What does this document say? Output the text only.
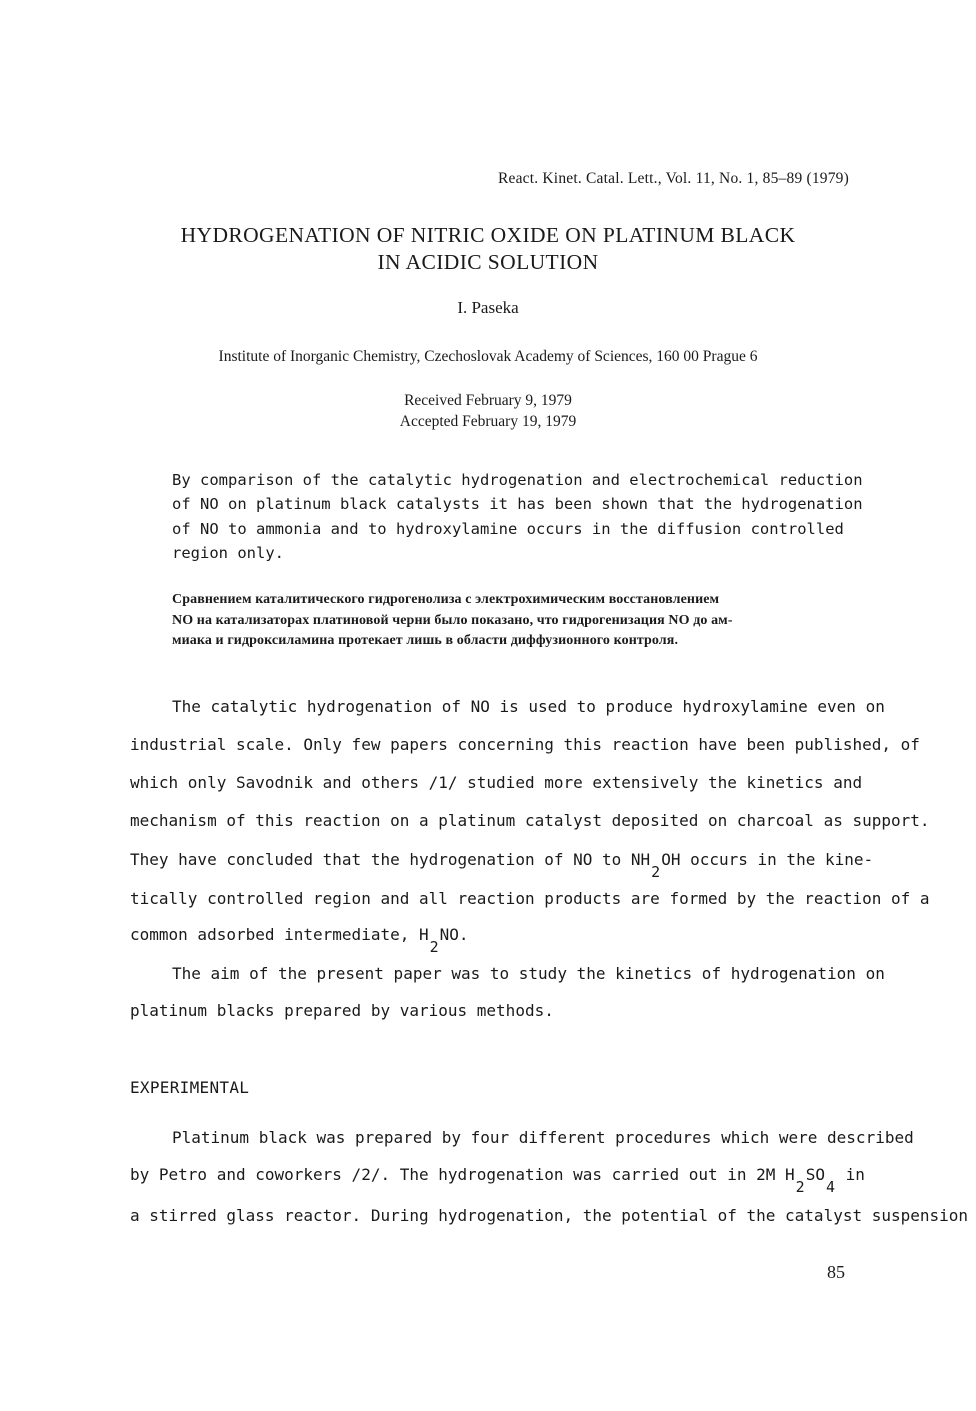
React. Kinet. Catal. Lett., Vol. 11, No. 1, 85–89 (1979)
HYDROGENATION OF NITRIC OXIDE ON PLATINUM BLACK
IN ACIDIC SOLUTION
I. Paseka
Institute of Inorganic Chemistry, Czechoslovak Academy of Sciences, 160 00 Prague 6
Received February 9, 1979
Accepted February 19, 1979
By comparison of the catalytic hydrogenation and electrochemical reduction
of NO on platinum black catalysts it has been shown that the hydrogenation
of NO to ammonia and to hydroxylamine occurs in the diffusion controlled
region only.
Сравнением каталитического гидрогенолиза с электрохимическим восстановлением
NO на катализаторах платиновой черни было показано, что гидрогенизация NO до ам-
миака и гидроксиламина протекает лишь в области диффузионного контроля.
The catalytic hydrogenation of NO is used to produce hydroxylamine even on
industrial scale. Only few papers concerning this reaction have been published, of
which only Savodnik and others /1/ studied more extensively the kinetics and
mechanism of this reaction on a platinum catalyst deposited on charcoal as support.
They have concluded that the hydrogenation of NO to $NH_2OH$ occurs in the kine-
tically controlled region and all reaction products are formed by the reaction of a
common adsorbed intermediate, $H_2NO$.
The aim of the present paper was to study the kinetics of hydrogenation on
platinum blacks prepared by various methods.
EXPERIMENTAL
Platinum black was prepared by four different procedures which were described
by Petro and coworkers /2/. The hydrogenation was carried out in 2M $H_2SO_4$ in
a stirred glass reactor. During hydrogenation, the potential of the catalyst suspension
85
